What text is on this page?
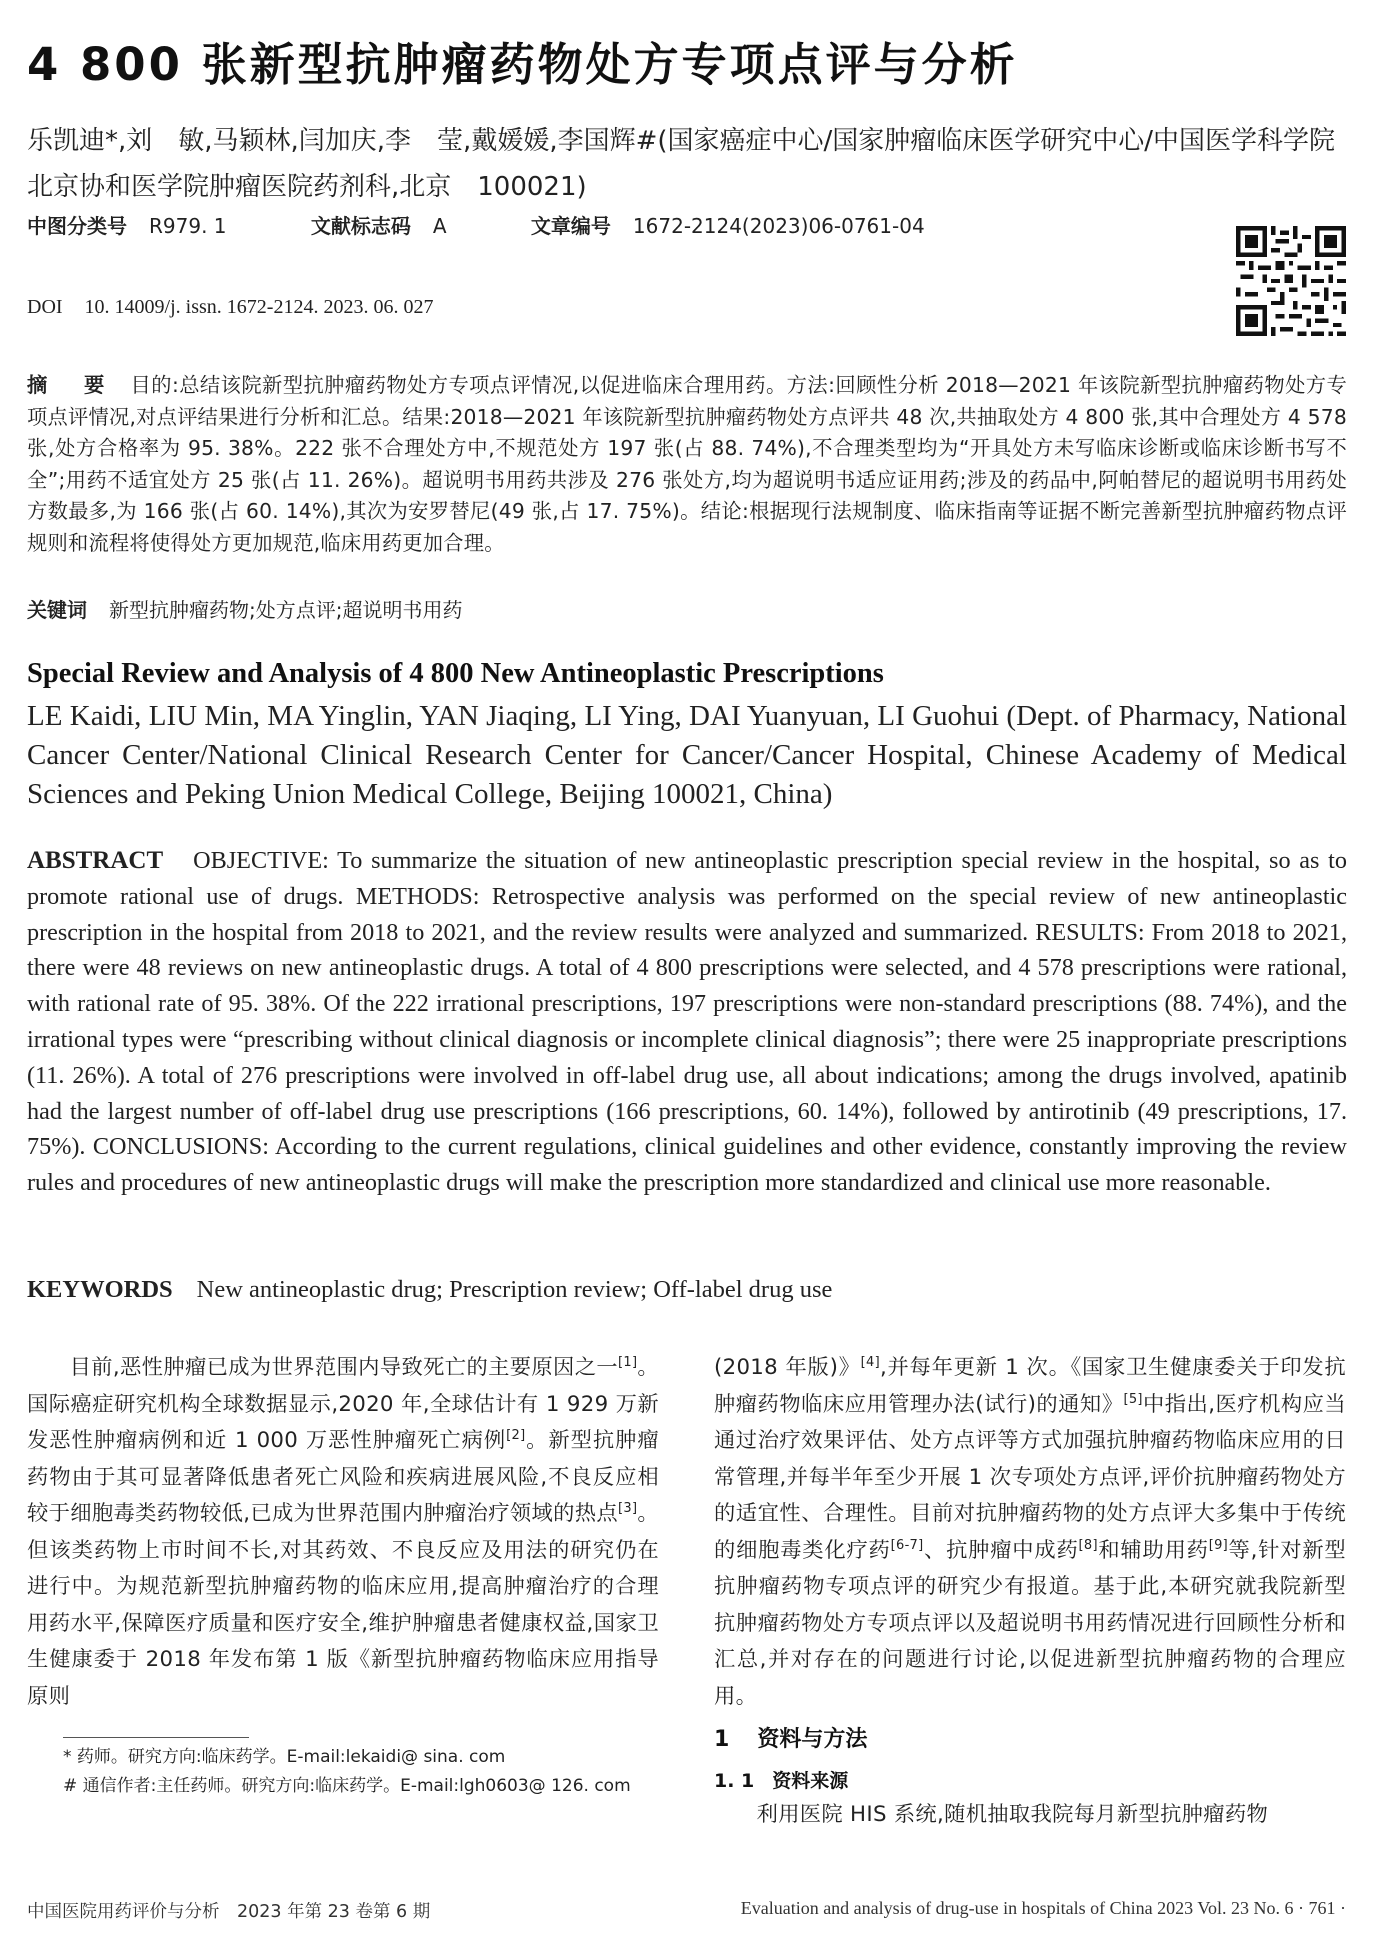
4 800 张新型抗肿瘤药物处方专项点评与分析
乐凯迪*,刘　敏,马颖林,闫加庆,李　莹,戴媛媛,李国辉#(国家癌症中心/国家肿瘤临床医学研究中心/中国医学科学院北京协和医学院肿瘤医院药剂科,北京　100021)
中图分类号 R979. 1	文献标志码 A	文章编号 1672-2124(2023)06-0761-04
DOI 10. 14009/j. issn. 1672-2124. 2023. 06. 027
摘　要 目的:总结该院新型抗肿瘤药物处方专项点评情况,以促进临床合理用药。方法:回顾性分析 2018—2021 年该院新型抗肿瘤药物处方专项点评情况,对点评结果进行分析和汇总。结果:2018—2021 年该院新型抗肿瘤药物处方点评共 48 次,共抽取处方 4 800 张,其中合理处方 4 578 张,处方合格率为 95. 38%。222 张不合理处方中,不规范处方 197 张(占 88. 74%),不合理类型均为“开具处方未写临床诊断或临床诊断书写不全”;用药不适宜处方 25 张(占 11. 26%)。超说明书用药共涉及 276 张处方,均为超说明书适应证用药;涉及的药品中,阿帕替尼的超说明书用药处方数最多,为 166 张(占 60. 14%),其次为安罗替尼(49 张,占 17. 75%)。结论:根据现行法规制度、临床指南等证据不断完善新型抗肿瘤药物点评规则和流程将使得处方更加规范,临床用药更加合理。
关键词 新型抗肿瘤药物;处方点评;超说明书用药
Special Review and Analysis of 4 800 New Antineoplastic Prescriptions
LE Kaidi, LIU Min, MA Yinglin, YAN Jiaqing, LI Ying, DAI Yuanyuan, LI Guohui (Dept. of Pharmacy, National Cancer Center/National Clinical Research Center for Cancer/Cancer Hospital, Chinese Academy of Medical Sciences and Peking Union Medical College, Beijing 100021, China)
ABSTRACT OBJECTIVE: To summarize the situation of new antineoplastic prescription special review in the hospital, so as to promote rational use of drugs. METHODS: Retrospective analysis was performed on the special review of new antineoplastic prescription in the hospital from 2018 to 2021, and the review results were analyzed and summarized. RESULTS: From 2018 to 2021, there were 48 reviews on new antineoplastic drugs. A total of 4 800 prescriptions were selected, and 4 578 prescriptions were rational, with rational rate of 95. 38%. Of the 222 irrational prescriptions, 197 prescriptions were non-standard prescriptions (88. 74%), and the irrational types were “prescribing without clinical diagnosis or incomplete clinical diagnosis”; there were 25 inappropriate prescriptions (11. 26%). A total of 276 prescriptions were involved in off-label drug use, all about indications; among the drugs involved, apatinib had the largest number of off-label drug use prescriptions (166 prescriptions, 60. 14%), followed by antirotinib (49 prescriptions, 17. 75%). CONCLUSIONS: According to the current regulations, clinical guidelines and other evidence, constantly improving the review rules and procedures of new antineoplastic drugs will make the prescription more standardized and clinical use more reasonable.
KEYWORDS New antineoplastic drug; Prescription review; Off-label drug use
目前,恶性肿瘤已成为世界范围内导致死亡的主要原因之一[1]。国际癌症研究机构全球数据显示,2020 年,全球估计有 1 929 万新发恶性肿瘤病例和近 1 000 万恶性肿瘤死亡病例[2]。新型抗肿瘤药物由于其可显著降低患者死亡风险和疾病进展风险,不良反应相较于细胞毒类药物较低,已成为世界范围内肿瘤治疗领域的热点[3]。但该类药物上市时间不长,对其药效、不良反应及用法的研究仍在进行中。为规范新型抗肿瘤药物的临床应用,提高肿瘤治疗的合理用药水平,保障医疗质量和医疗安全,维护肿瘤患者健康权益,国家卫生健康委于 2018 年发布第 1 版《新型抗肿瘤药物临床应用指导原则
* 药师。研究方向:临床药学。E-mail:lekaidi@ sina. com
# 通信作者:主任药师。研究方向:临床药学。E-mail:lgh0603@ 126. com
(2018 年版)》[4],并每年更新 1 次。《国家卫生健康委关于印发抗肿瘤药物临床应用管理办法(试行)的通知》[5]中指出,医疗机构应当通过治疗效果评估、处方点评等方式加强抗肿瘤药物临床应用的日常管理,并每半年至少开展 1 次专项处方点评,评价抗肿瘤药物处方的适宜性、合理性。目前对抗肿瘤药物的处方点评大多集中于传统的细胞毒类化疗药[6-7]、抗肿瘤中成药[8]和辅助用药[9]等,针对新型抗肿瘤药物专项点评的研究少有报道。基于此,本研究就我院新型抗肿瘤药物处方专项点评以及超说明书用药情况进行回顾性分析和汇总,并对存在的问题进行讨论,以促进新型抗肿瘤药物的合理应用。
1 资料与方法
1. 1 资料来源
利用医院 HIS 系统,随机抽取我院每月新型抗肿瘤药物
中国医院用药评价与分析　2023 年第 23 卷第 6 期	Evaluation and analysis of drug-use in hospitals of China 2023 Vol. 23 No. 6 · 761 ·
